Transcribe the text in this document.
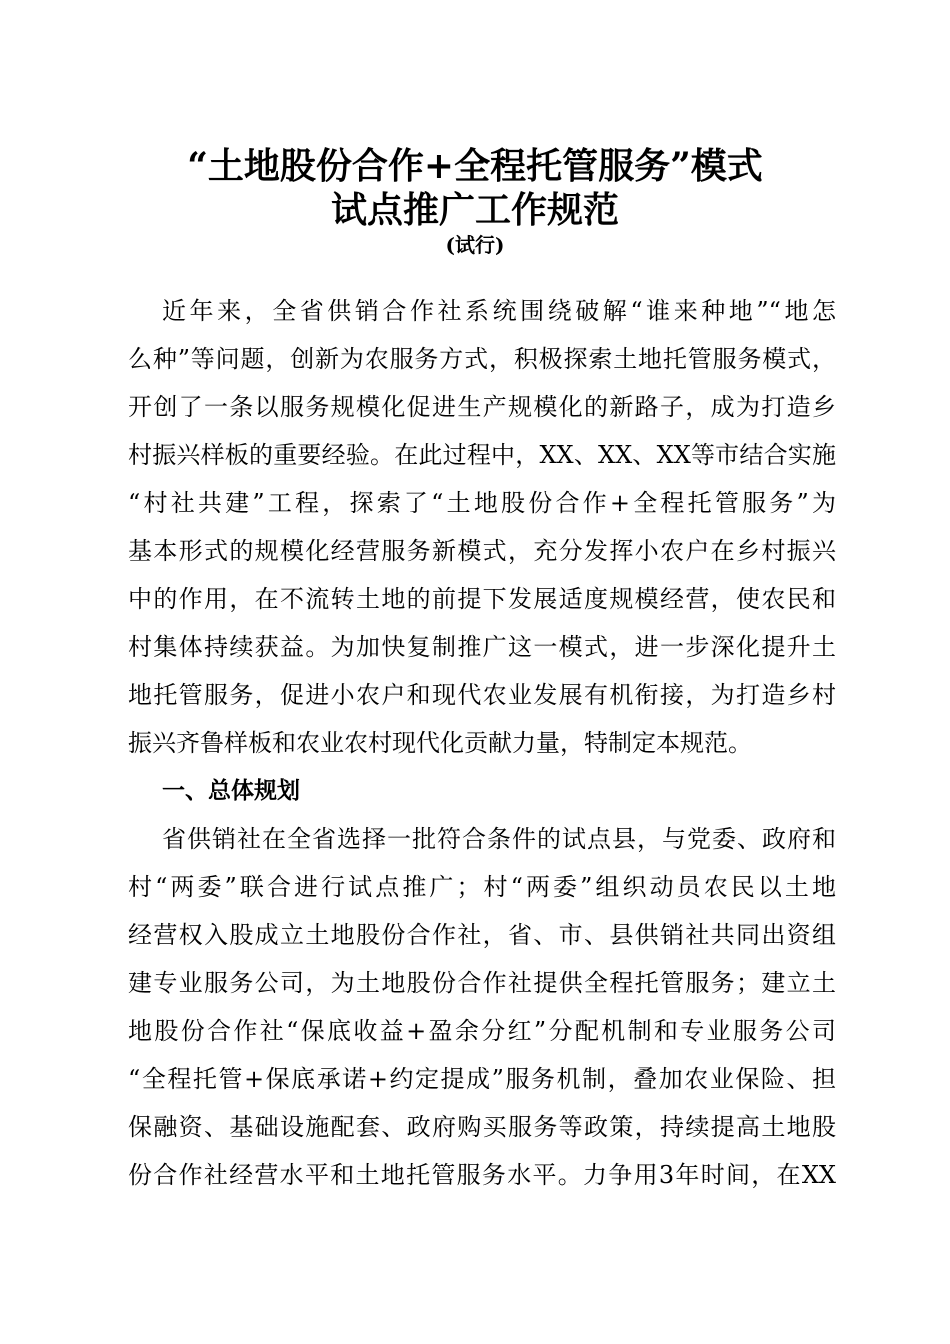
“土地股份合作+全程托管服务”模式
试点推广工作规范
(试行)
近年来，全省供销合作社系统围绕破解“谁来种地”“地怎
么种”等问题，创新为农服务方式，积极探索土地托管服务模式，
开创了一条以服务规模化促进生产规模化的新路子，成为打造乡
村振兴样板的重要经验。在此过程中，XX、XX、XX等市结合实施
“村社共建”工程，探索了“土地股份合作+全程托管服务”为
基本形式的规模化经营服务新模式，充分发挥小农户在乡村振兴
中的作用，在不流转土地的前提下发展适度规模经营，使农民和
村集体持续获益。为加快复制推广这一模式，进一步深化提升土
地托管服务，促进小农户和现代农业发展有机衔接，为打造乡村
振兴齐鲁样板和农业农村现代化贡献力量，特制定本规范。
一、总体规划
省供销社在全省选择一批符合条件的试点县，与党委、政府和
村“两委”联合进行试点推广；村“两委”组织动员农民以土地
经营权入股成立土地股份合作社，省、市、县供销社共同出资组
建专业服务公司，为土地股份合作社提供全程托管服务；建立土
地股份合作社“保底收益+盈余分红”分配机制和专业服务公司
“全程托管+保底承诺+约定提成”服务机制，叠加农业保险、担
保融资、基础设施配套、政府购买服务等政策，持续提高土地股
份合作社经营水平和土地托管服务水平。力争用3年时间，在XX
